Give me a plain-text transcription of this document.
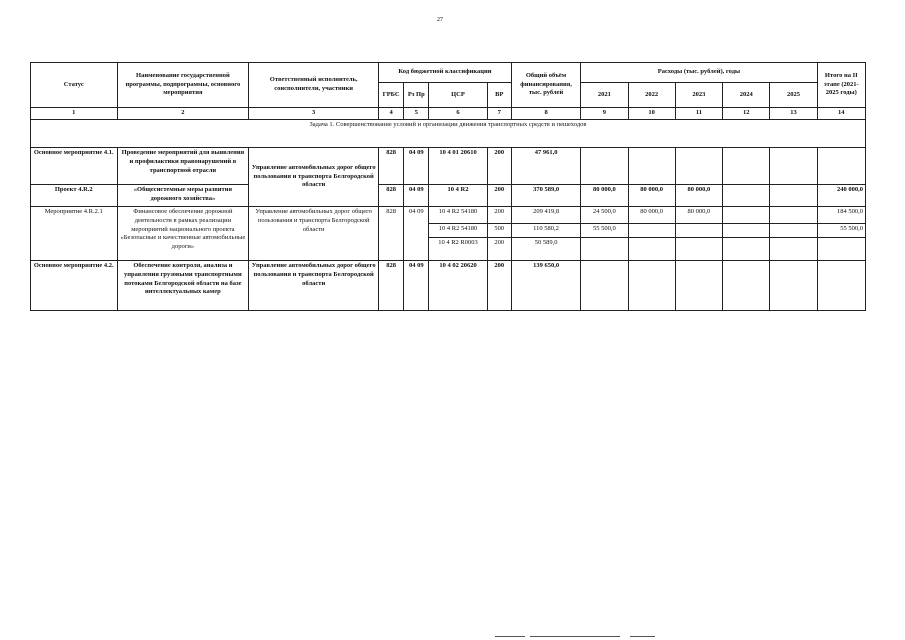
27
Статус	Наименование государственной программы, подпрограммы, основного мероприятия	Ответственный исполнитель, соисполнители, участники	Код бюджетной классификации				Общий объём финансирования, тыс. рублей	Расходы (тыс. рублей), годы					Итого на II этапе (2021-2025 годы)
			ГРБС	Рз Пр	ЦСР	ВР		2021	2022	2023	2024	2025	
1	2	3	4	5	6	7	8	9	10	11	12	13	14
Задача 1. Совершенствование условий и организации движения транспортных средств и пешеходов													
Основное мероприятие 4.1.	Проведение мероприятий для выявления и профилактики правонарушений в транспортной отрасли	Управление автомобильных дорог общего пользования и транспорта Белгородской области	828	04 09	10 4 01 20610	200	47 961,0						
Проект 4.R.2	«Общесистемные меры развития дорожного хозяйства»		828	04 09	10 4 R2	200	370 589,0	80 000,0	80 000,0	80 000,0			240 000,0
Мероприятие 4.R.2.1	Финансовое обеспечение дорожной деятельности в рамках реализации мероприятий национального проекта «Безопасные и качественные автомобильные дороги»	Управление автомобильных дорог общего пользования и транспорта Белгородской области	828	04 09	10 4 R2 54180	200	209 419,8	24 500,0	80 000,0	80 000,0			184 500,0
					10 4 R2 54180	500	110 580,2	55 500,0					55 500,0
					10 4 R2 R0003	200	50 589,0						
Основное мероприятие 4.2.	Обеспечение контроля, анализа и управления грузовыми транспортными потоками Белгородской области на базе интеллектуальных камер	Управление автомобильных дорог общего пользования и транспорта Белгородской области	828	04 09	10 4 02 20620	200	139 650,0						
